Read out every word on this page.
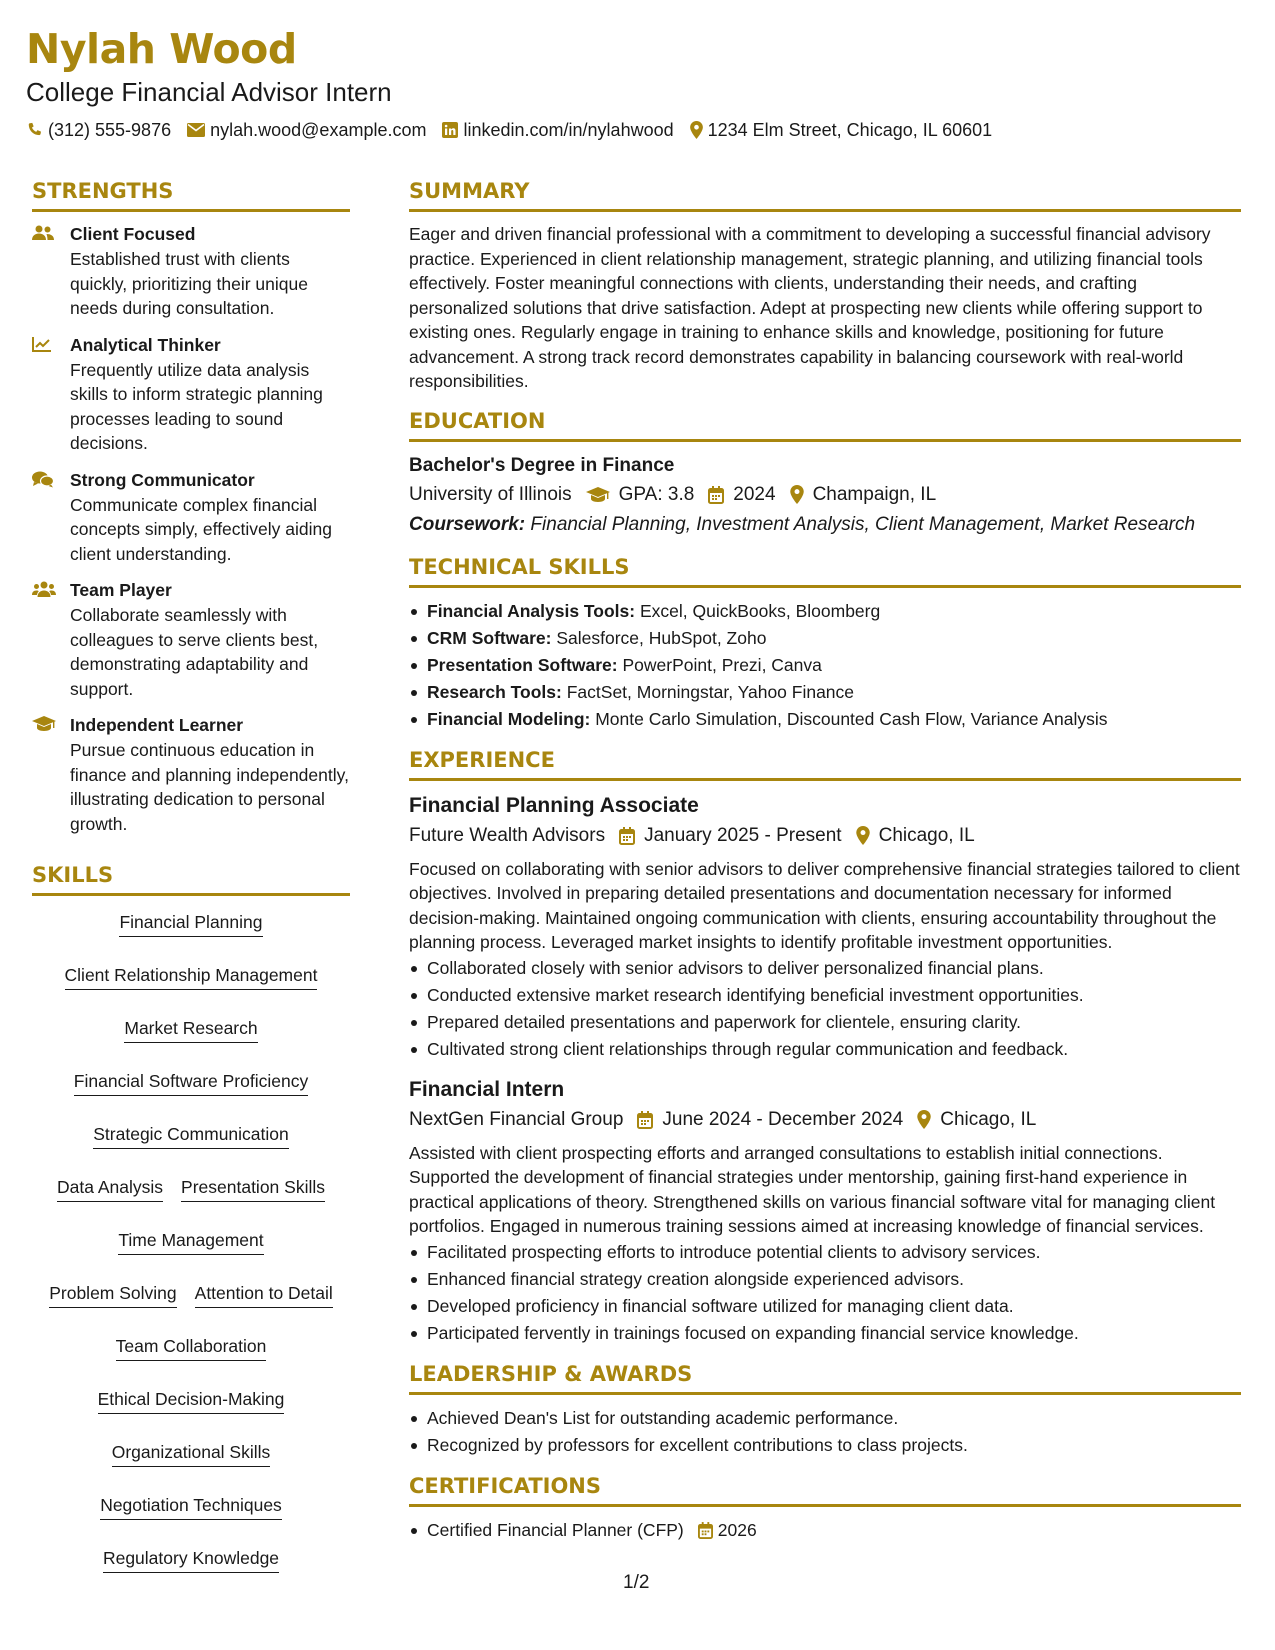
Nylah Wood
College Financial Advisor Intern
(312) 555-9876 nylah.wood@example.com linkedin.com/in/nylahwood 1234 Elm Street, Chicago, IL 60601
STRENGTHS
Client Focused
Established trust with clients quickly, prioritizing their unique needs during consultation.
Analytical Thinker
Frequently utilize data analysis skills to inform strategic planning processes leading to sound decisions.
Strong Communicator
Communicate complex financial concepts simply, effectively aiding client understanding.
Team Player
Collaborate seamlessly with colleagues to serve clients best, demonstrating adaptability and support.
Independent Learner
Pursue continuous education in finance and planning independently, illustrating dedication to personal growth.
SKILLS
Financial Planning
Client Relationship Management
Market Research
Financial Software Proficiency
Strategic Communication
Data Analysis Presentation Skills
Time Management
Problem Solving Attention to Detail
Team Collaboration
Ethical Decision-Making
Organizational Skills
Negotiation Techniques
Regulatory Knowledge
SUMMARY
Eager and driven financial professional with a commitment to developing a successful financial advisory practice. Experienced in client relationship management, strategic planning, and utilizing financial tools effectively. Foster meaningful connections with clients, understanding their needs, and crafting personalized solutions that drive satisfaction. Adept at prospecting new clients while offering support to existing ones. Regularly engage in training to enhance skills and knowledge, positioning for future advancement. A strong track record demonstrates capability in balancing coursework with real-world responsibilities.
EDUCATION
Bachelor's Degree in Finance
University of Illinois GPA: 3.8 2024 Champaign, IL
Coursework: Financial Planning, Investment Analysis, Client Management, Market Research
TECHNICAL SKILLS
Financial Analysis Tools: Excel, QuickBooks, Bloomberg
CRM Software: Salesforce, HubSpot, Zoho
Presentation Software: PowerPoint, Prezi, Canva
Research Tools: FactSet, Morningstar, Yahoo Finance
Financial Modeling: Monte Carlo Simulation, Discounted Cash Flow, Variance Analysis
EXPERIENCE
Financial Planning Associate
Future Wealth Advisors January 2025 - Present Chicago, IL
Focused on collaborating with senior advisors to deliver comprehensive financial strategies tailored to client objectives. Involved in preparing detailed presentations and documentation necessary for informed decision-making. Maintained ongoing communication with clients, ensuring accountability throughout the planning process. Leveraged market insights to identify profitable investment opportunities.
Collaborated closely with senior advisors to deliver personalized financial plans.
Conducted extensive market research identifying beneficial investment opportunities.
Prepared detailed presentations and paperwork for clientele, ensuring clarity.
Cultivated strong client relationships through regular communication and feedback.
Financial Intern
NextGen Financial Group June 2024 - December 2024 Chicago, IL
Assisted with client prospecting efforts and arranged consultations to establish initial connections. Supported the development of financial strategies under mentorship, gaining first-hand experience in practical applications of theory. Strengthened skills on various financial software vital for managing client portfolios. Engaged in numerous training sessions aimed at increasing knowledge of financial services.
Facilitated prospecting efforts to introduce potential clients to advisory services.
Enhanced financial strategy creation alongside experienced advisors.
Developed proficiency in financial software utilized for managing client data.
Participated fervently in trainings focused on expanding financial service knowledge.
LEADERSHIP & AWARDS
Achieved Dean's List for outstanding academic performance.
Recognized by professors for excellent contributions to class projects.
CERTIFICATIONS
Certified Financial Planner (CFP) 2026
1/2
